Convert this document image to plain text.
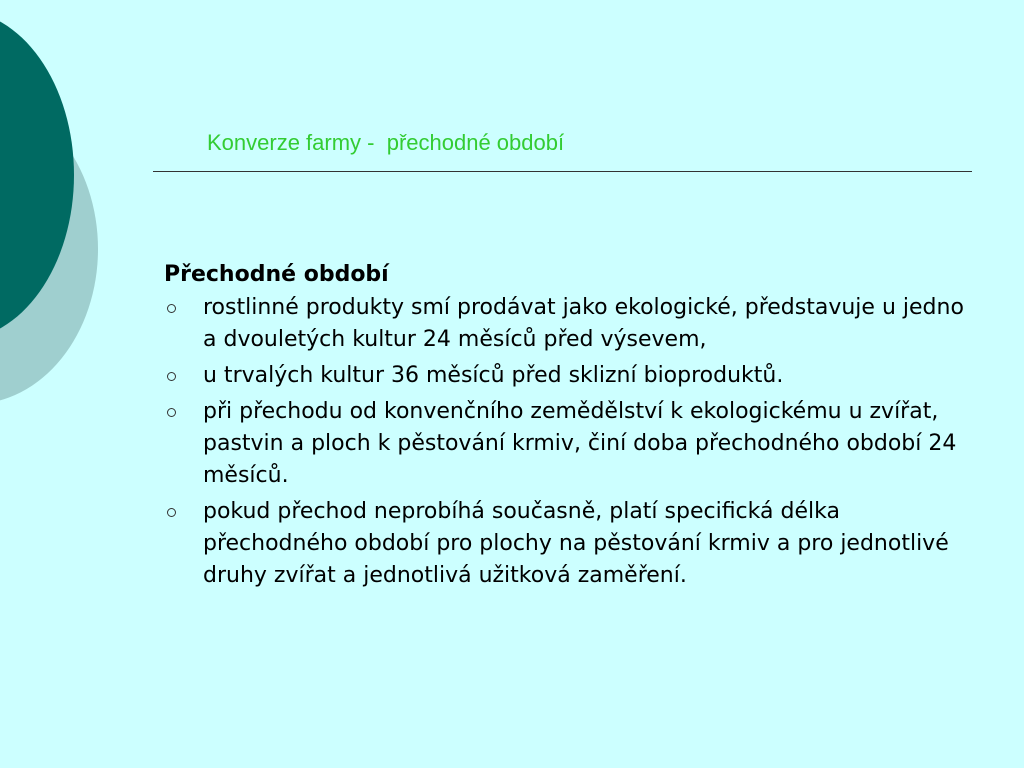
Konverze farmy -  přechodné období
Přechodné období
rostlinné produkty smí prodávat jako ekologické, představuje u jedno a dvouletých kultur 24 měsíců před výsevem,
u trvalých kultur 36 měsíců před sklizní bioproduktů.
při přechodu od konvenčního zemědělství k ekologickému u zvířat, pastvin a ploch k pěstování krmiv, činí doba přechodného období 24 měsíců.
pokud přechod neprobíhá současně, platí specifická délka přechodného období pro plochy na pěstování krmiv a pro jednotlivé druhy zvířat a jednotlivá užitková zaměření.
